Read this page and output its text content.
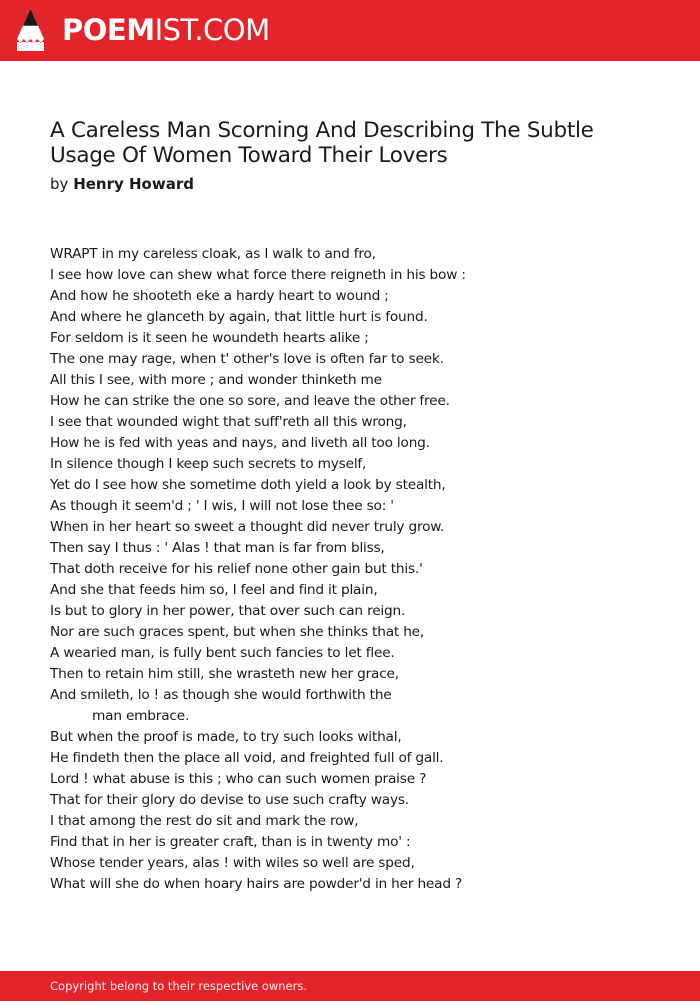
POEMIST.COM
A Careless Man Scorning And Describing The Subtle Usage Of Women Toward Their Lovers
by Henry Howard
WRAPT in my careless cloak, as I walk to and fro,
I see how love can shew what force there reigneth in his bow :
And how he shooteth eke a hardy heart to wound ;
And where he glanceth by again, that little hurt is found.
For seldom is it seen he woundeth hearts alike ;
The one may rage, when t' other's love is often far to seek.
All this I see, with more ; and wonder thinketh me
How he can strike the one so sore, and leave the other free.
I see that wounded wight that suff'reth all this wrong,
How he is fed with yeas and nays, and liveth all too long.
In silence though I keep such secrets to myself,
Yet do I see how she sometime doth yield a look by stealth,
As though it seem'd ; ' I wis, I will not lose thee so: '
When in her heart so sweet a thought did never truly grow.
Then say I thus : ' Alas ! that man is far from bliss,
That doth receive for his relief none other gain but this.'
And she that feeds him so, I feel and find it plain,
Is but to glory in her power, that over such can reign.
Nor are such graces spent, but when she thinks that he,
A wearied man, is fully bent such fancies to let flee.
Then to retain him still, she wrasteth new her grace,
And smileth, lo ! as though she would forthwith the
man embrace.
But when the proof is made, to try such looks withal,
He findeth then the place all void, and freighted full of gall.
Lord ! what abuse is this ; who can such women praise ?
That for their glory do devise to use such crafty ways.
I that among the rest do sit and mark the row,
Find that in her is greater craft, than is in twenty mo' :
Whose tender years, alas ! with wiles so well are sped,
What will she do when hoary hairs are powder'd in her head ?
Copyright belong to their respective owners.
